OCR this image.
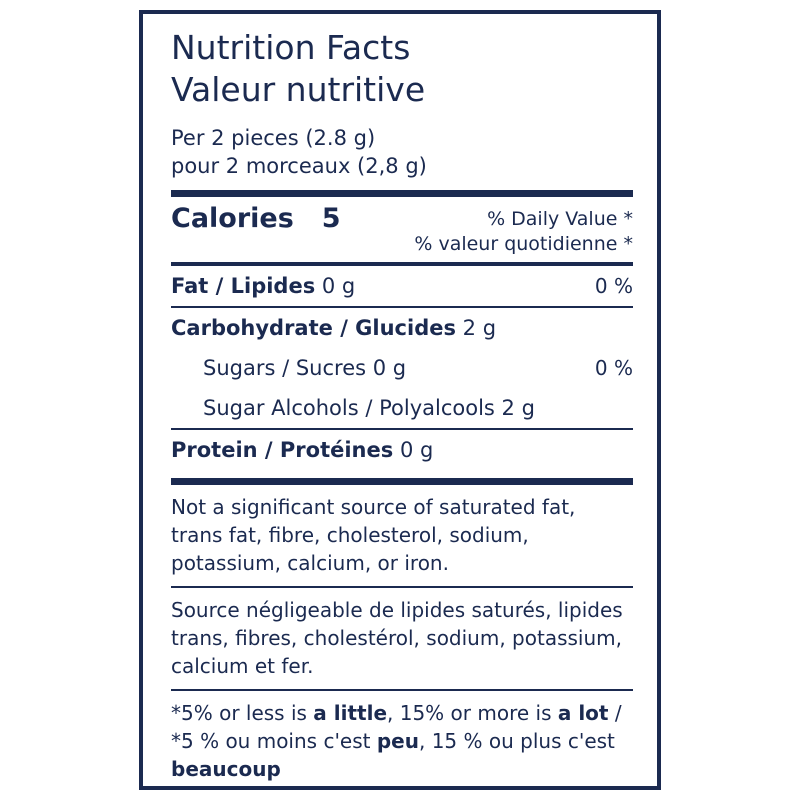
Nutrition Facts
Valeur nutritive
Per 2 pieces (2.8 g)
pour 2 morceaux (2,8 g)
Calories 5	% Daily Value *
% valeur quotidienne *
Fat / Lipides 0 g	0 %
Carbohydrate / Glucides 2 g
Sugars / Sucres 0 g	0 %
Sugar Alcohols / Polyalcools 2 g
Protein / Protéines 0 g
Not a significant source of saturated fat, trans fat, fibre, cholesterol, sodium, potassium, calcium, or iron.
Source négligeable de lipides saturés, lipides trans, fibres, cholestérol, sodium, potassium, calcium et fer.
*5% or less is a little, 15% or more is a lot / *5 % ou moins c'est peu, 15 % ou plus c'est beaucoup
